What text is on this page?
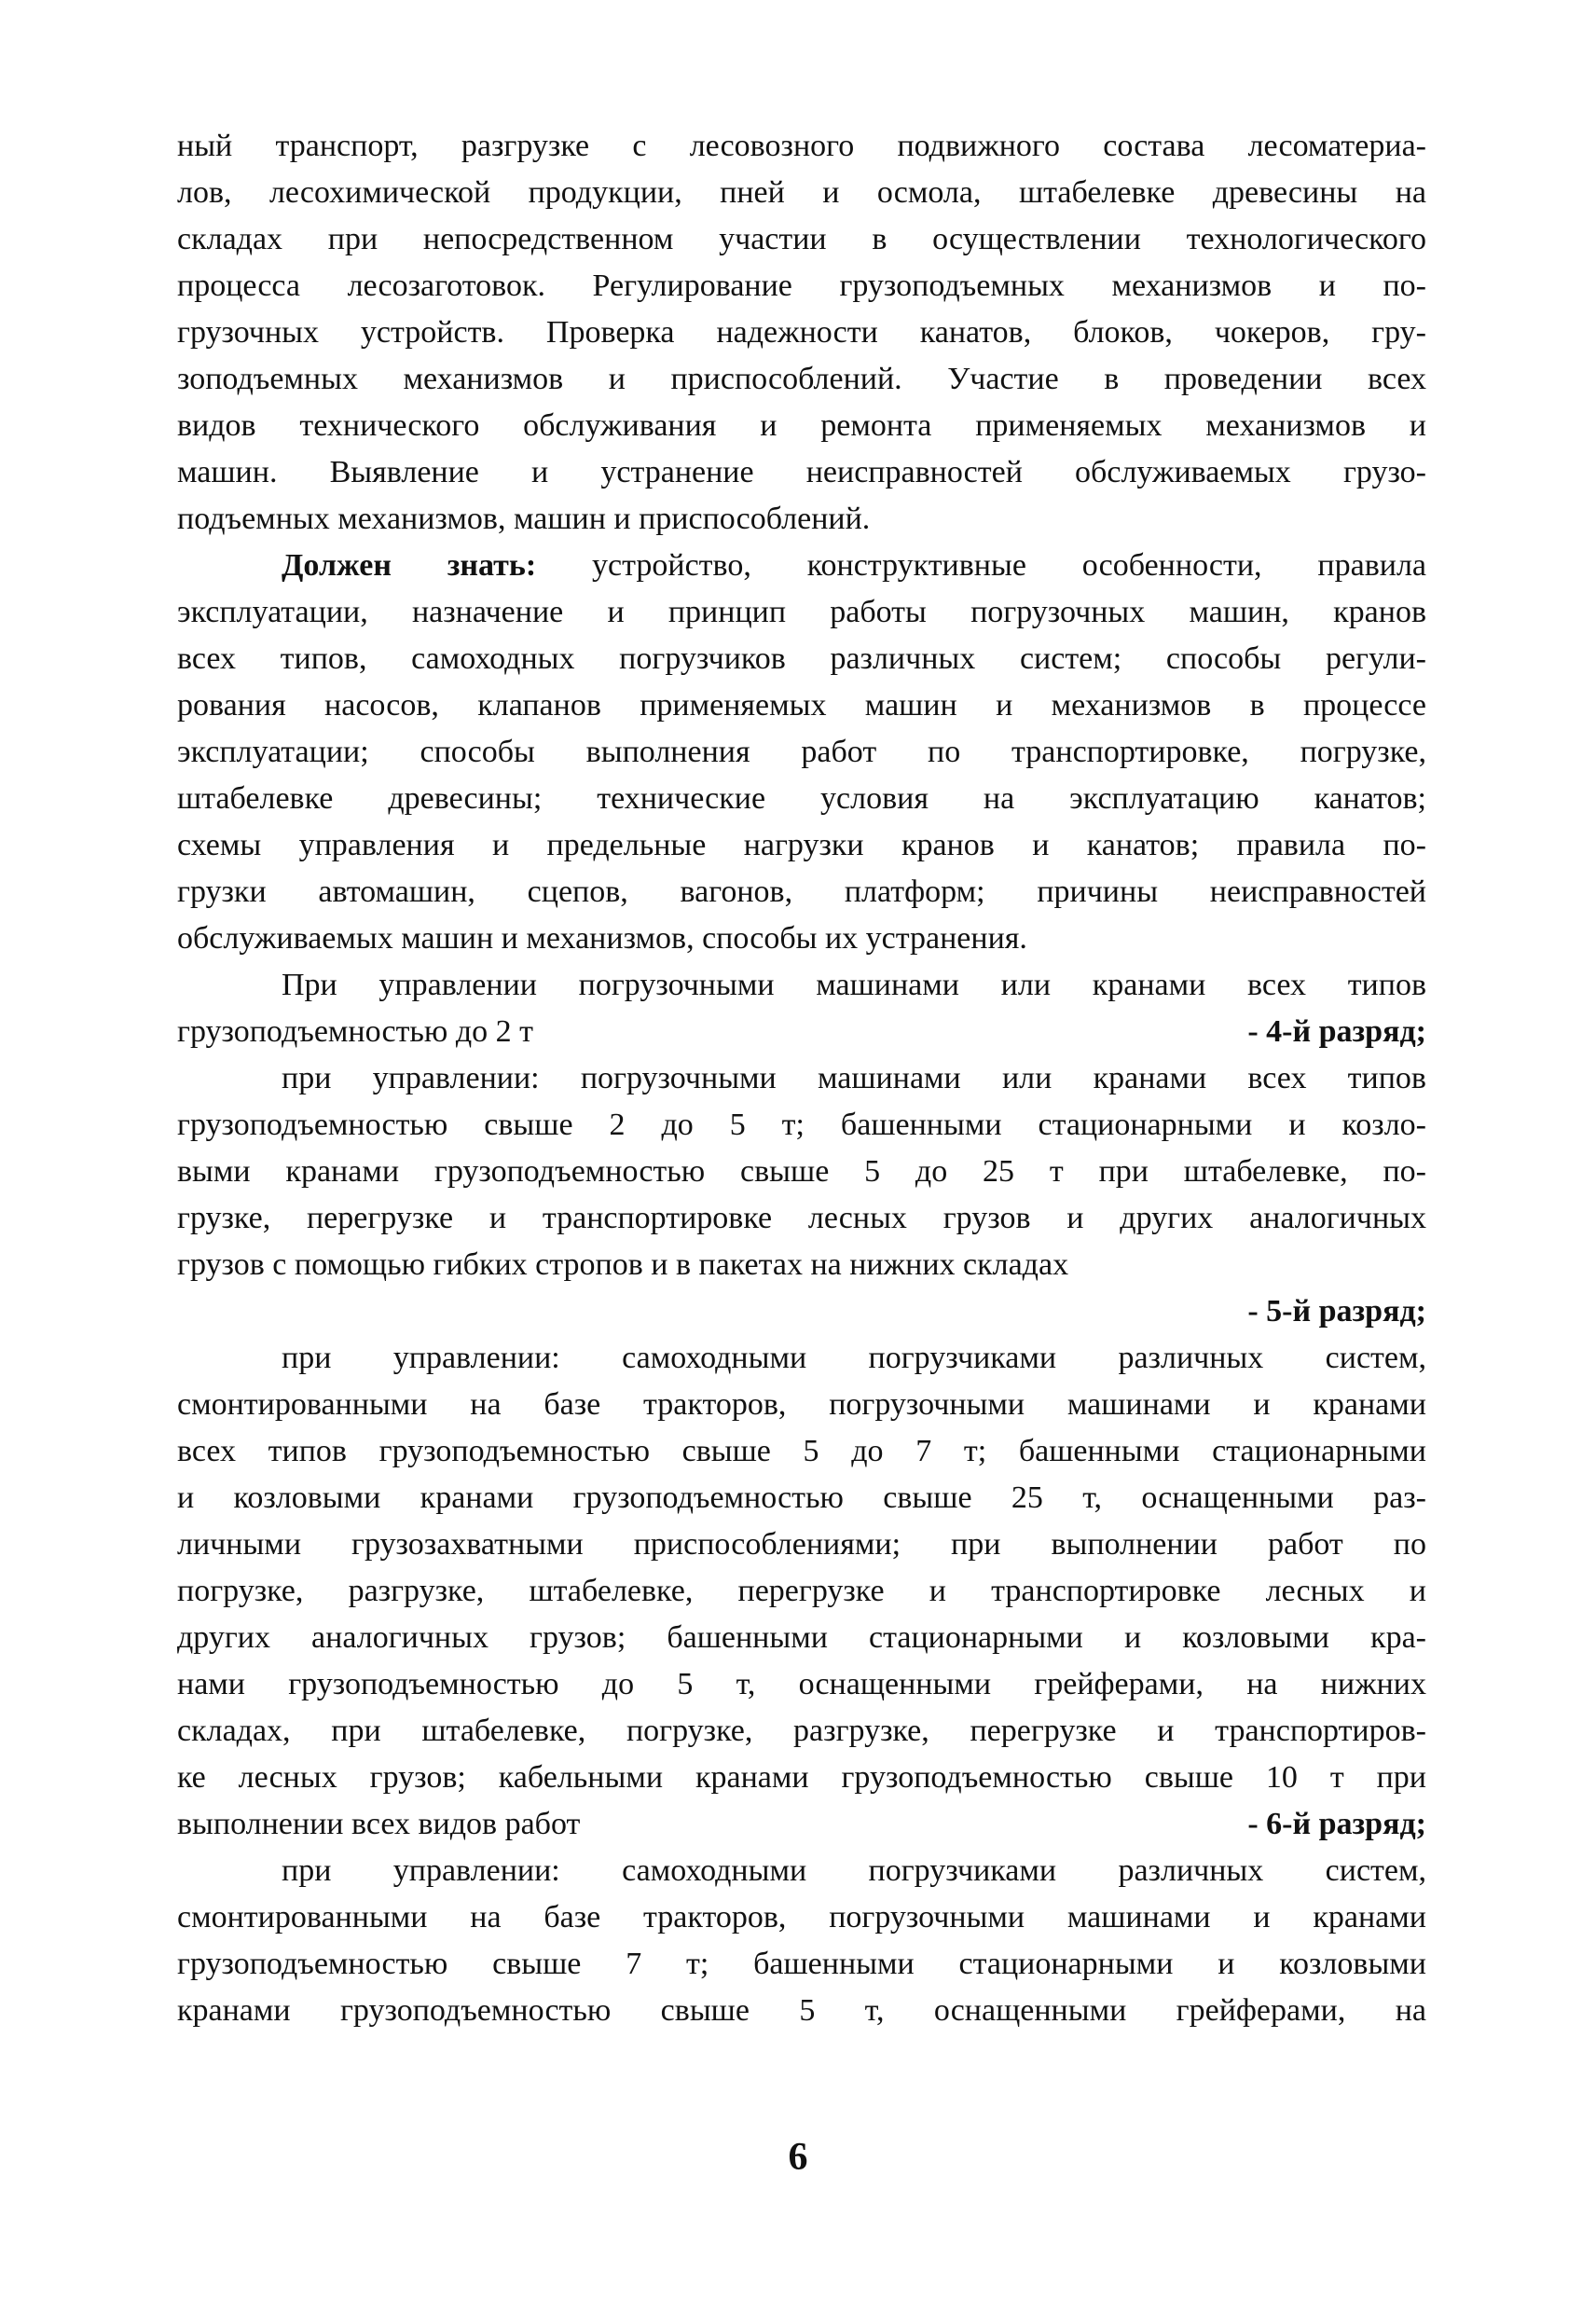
ный транспорт, разгрузке с лесовозного подвижного состава лесоматериа-
лов, лесохимической продукции, пней и осмола, штабелевке древесины на
складах при непосредственном участии в осуществлении технологического
процесса лесозаготовок. Регулирование грузоподъемных механизмов и по-
грузочных устройств. Проверка надежности канатов, блоков, чокеров, гру-
зоподъемных механизмов и приспособлений. Участие в проведении всех
видов технического обслуживания и ремонта применяемых механизмов и
машин. Выявление и устранение неисправностей обслуживаемых грузо-
подъемных механизмов, машин и приспособлений.
Должен знать: устройство, конструктивные особенности, правила
эксплуатации, назначение и принцип работы погрузочных машин, кранов
всех типов, самоходных погрузчиков различных систем; способы регули-
рования насосов, клапанов применяемых машин и механизмов в процессе
эксплуатации; способы выполнения работ по транспортировке, погрузке,
штабелевке древесины; технические условия на эксплуатацию канатов;
схемы управления и предельные нагрузки кранов и канатов; правила по-
грузки автомашин, сцепов, вагонов, платформ; причины неисправностей
обслуживаемых машин и механизмов, способы их устранения.
При управлении погрузочными машинами или кранами всех типов
грузоподъемностью до 2 т	- 4-й разряд;
при управлении: погрузочными машинами или кранами всех типов
грузоподъемностью свыше 2 до 5 т; башенными стационарными и козло-
выми кранами грузоподъемностью свыше 5 до 25 т при штабелевке, по-
грузке, перегрузке и транспортировке лесных грузов и других аналогичных
грузов с помощью гибких стропов и в пакетах на нижних складах
- 5-й разряд;
при управлении: самоходными погрузчиками различных систем,
смонтированными на базе тракторов, погрузочными машинами и кранами
всех типов грузоподъемностью свыше 5 до 7 т; башенными стационарными
и козловыми кранами грузоподъемностью свыше 25 т, оснащенными раз-
личными грузозахватными приспособлениями; при выполнении работ по
погрузке, разгрузке, штабелевке, перегрузке и транспортировке лесных и
других аналогичных грузов; башенными стационарными и козловыми кра-
нами грузоподъемностью до 5 т, оснащенными грейферами, на нижних
складах, при штабелевке, погрузке, разгрузке, перегрузке и транспортиров-
ке лесных грузов; кабельными кранами грузоподъемностью свыше 10 т при
выполнении всех видов работ	- 6-й разряд;
при управлении: самоходными погрузчиками различных систем,
смонтированными на базе тракторов, погрузочными машинами и кранами
грузоподъемностью свыше 7 т; башенными стационарными и козловыми
кранами грузоподъемностью свыше 5 т, оснащенными грейферами, на
6
